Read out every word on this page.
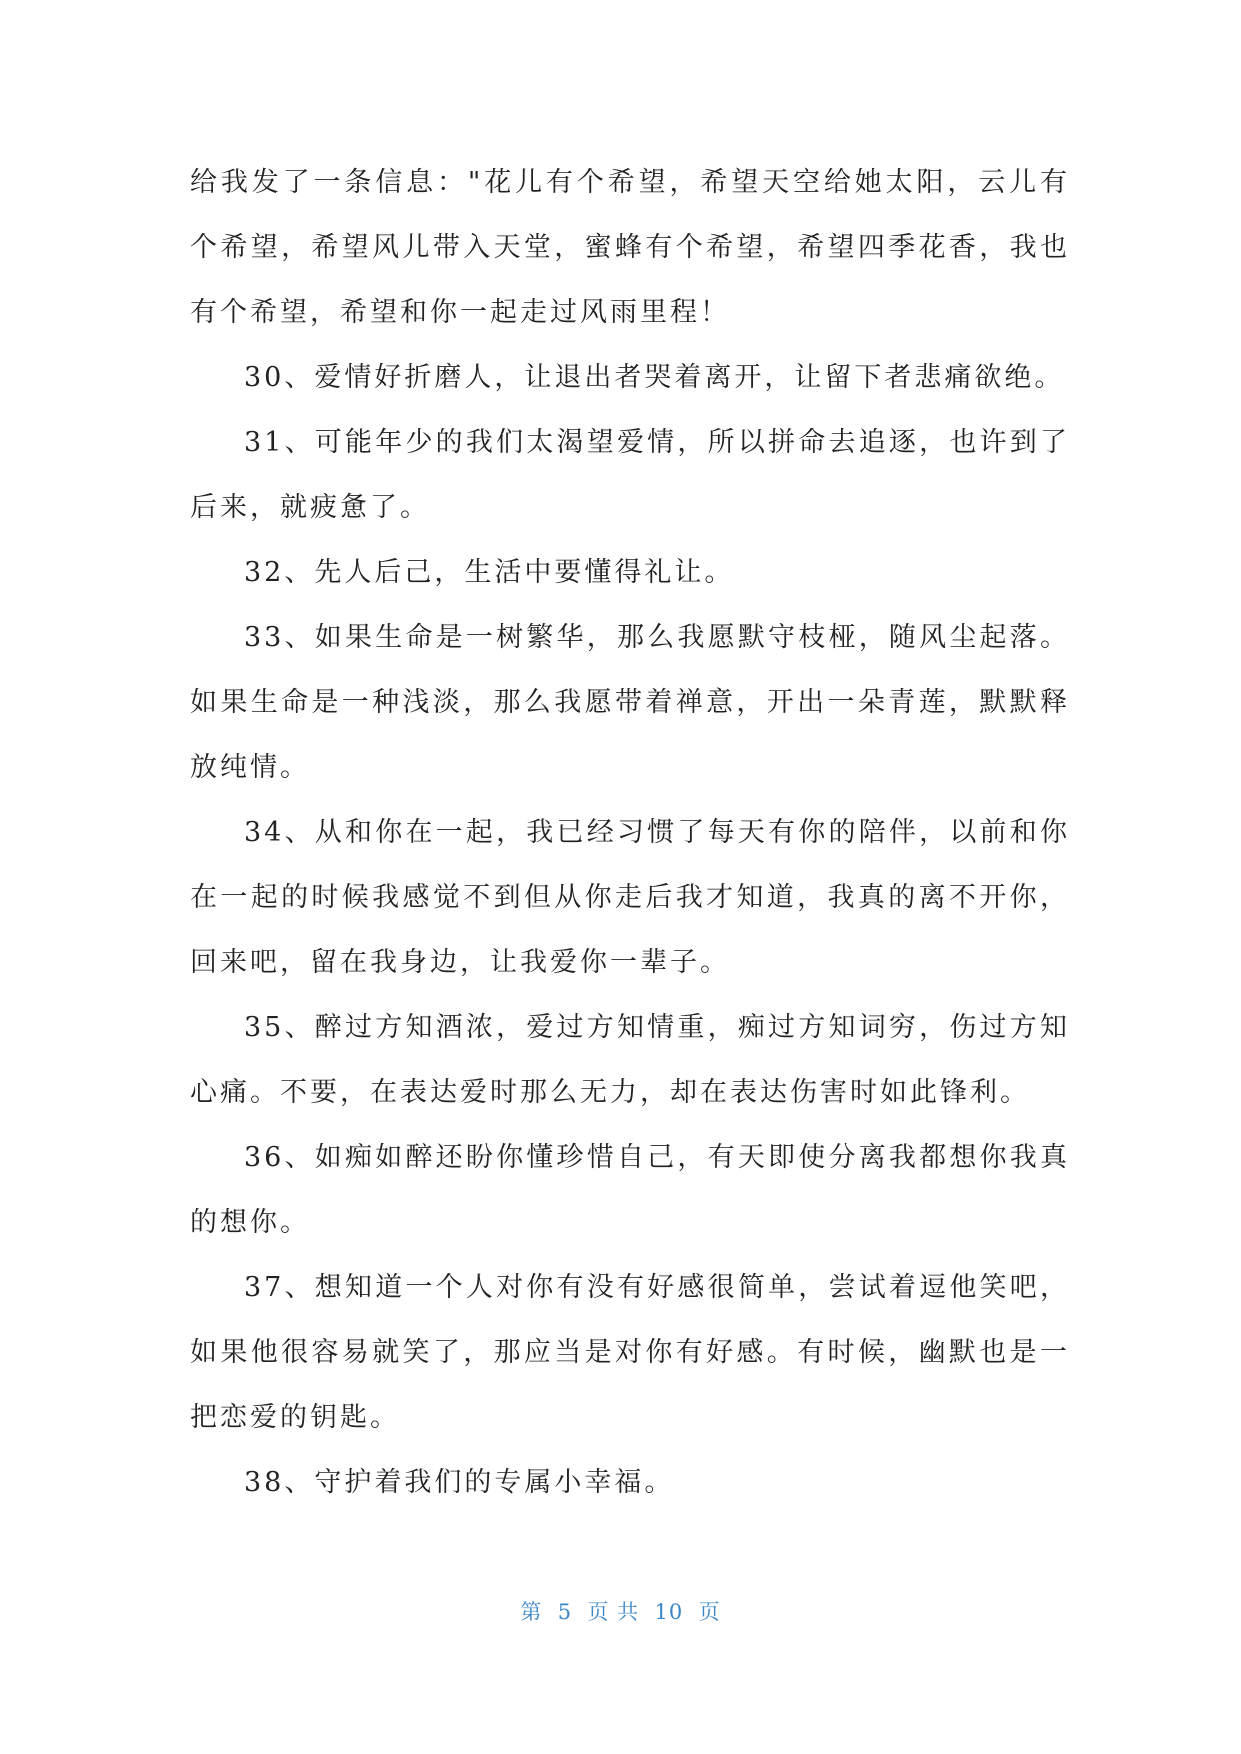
给我发了一条信息："花儿有个希望，希望天空给她太阳，云儿有个希望，希望风儿带入天堂，蜜蜂有个希望，希望四季花香，我也有个希望，希望和你一起走过风雨里程！

30、爱情好折磨人，让退出者哭着离开，让留下者悲痛欲绝。

31、可能年少的我们太渴望爱情，所以拼命去追逐，也许到了后来，就疲惫了。

32、先人后己，生活中要懂得礼让。

33、如果生命是一树繁华，那么我愿默守枝桠，随风尘起落。如果生命是一种浅淡，那么我愿带着禅意，开出一朵青莲，默默释放纯情。

34、从和你在一起，我已经习惯了每天有你的陪伴，以前和你在一起的时候我感觉不到但从你走后我才知道，我真的离不开你，回来吧，留在我身边，让我爱你一辈子。

35、醉过方知酒浓，爱过方知情重，痴过方知词穷，伤过方知心痛。不要，在表达爱时那么无力，却在表达伤害时如此锋利。

36、如痴如醉还盼你懂珍惜自己，有天即使分离我都想你我真的想你。

37、想知道一个人对你有没有好感很简单，尝试着逗他笑吧，如果他很容易就笑了，那应当是对你有好感。有时候，幽默也是一把恋爱的钥匙。

38、守护着我们的专属小幸福。

第  5  页 共  10  页
